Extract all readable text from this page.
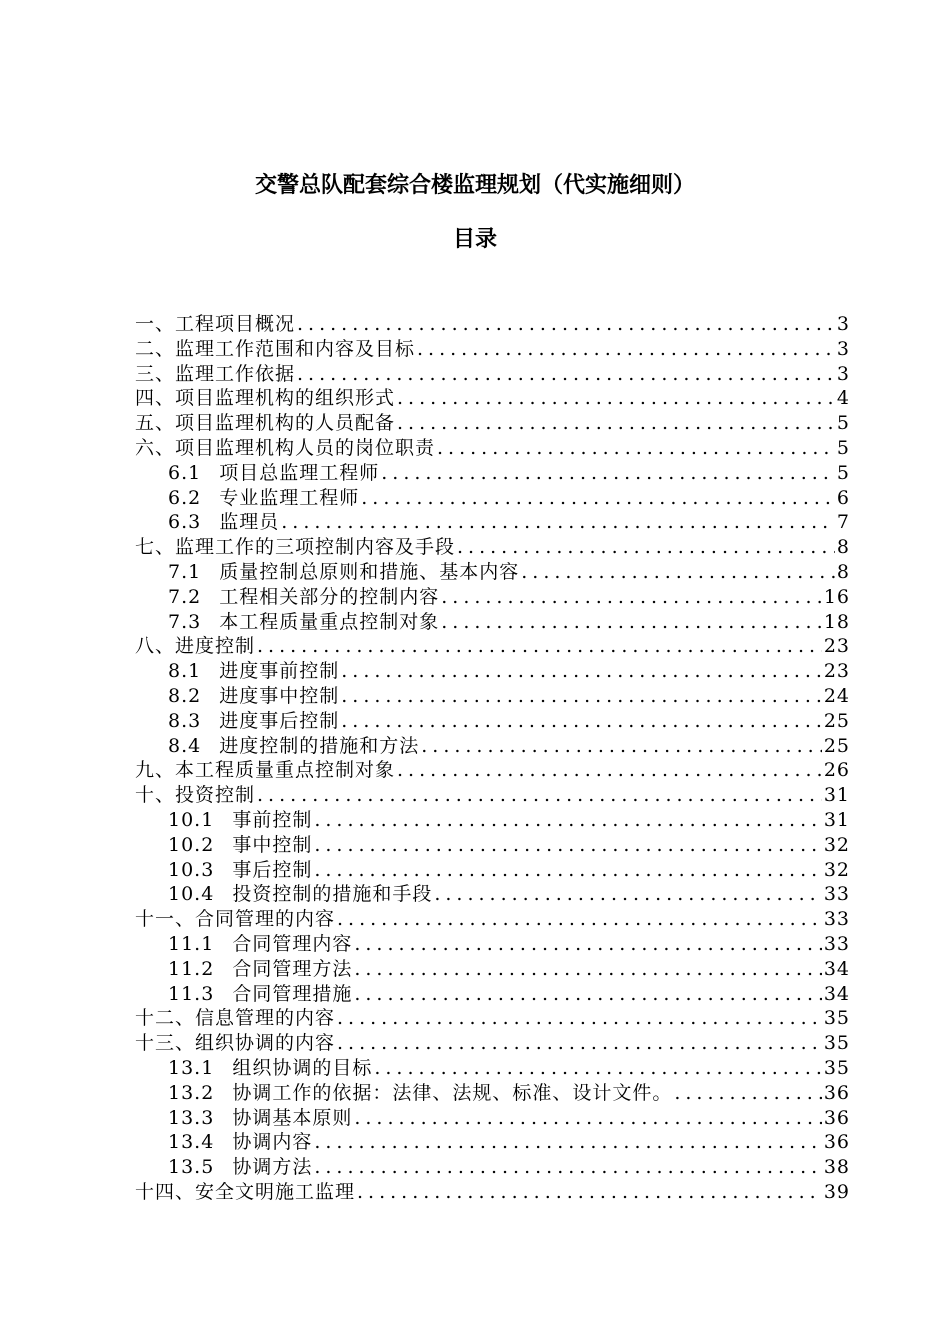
交警总队配套综合楼监理规划（代实施细则）
目录
一、工程项目概况 .....	3
二、监理工作范围和内容及目标 .....	3
三、监理工作依据 .....	3
四、项目监理机构的组织形式 .....	4
五、项目监理机构的人员配备 .....	5
六、项目监理机构人员的岗位职责 .....	5
6.1 项目总监理工程师 .....	5
6.2 专业监理工程师 .....	6
6.3 监理员 .....	7
七、监理工作的三项控制内容及手段 .....	8
7.1 质量控制总原则和措施、基本内容 .....	8
7.2 工程相关部分的控制内容 .....	16
7.3 本工程质量重点控制对象 .....	18
八、进度控制 .....	23
8.1 进度事前控制 .....	23
8.2 进度事中控制 .....	24
8.3 进度事后控制 .....	25
8.4 进度控制的措施和方法 .....	25
九、本工程质量重点控制对象 .....	26
十、投资控制 .....	31
10.1 事前控制 .....	31
10.2 事中控制 .....	32
10.3 事后控制 .....	32
10.4 投资控制的措施和手段 .....	33
十一、合同管理的内容 .....	33
11.1 合同管理内容 .....	33
11.2 合同管理方法 .....	34
11.3 合同管理措施 .....	34
十二、信息管理的内容 .....	35
十三、组织协调的内容 .....	35
13.1 组织协调的目标 .....	35
13.2 协调工作的依据：法律、法规、标准、设计文件。 .....	36
13.3 协调基本原则 .....	36
13.4 协调内容 .....	36
13.5 协调方法 .....	38
十四、安全文明施工监理 .....	39
